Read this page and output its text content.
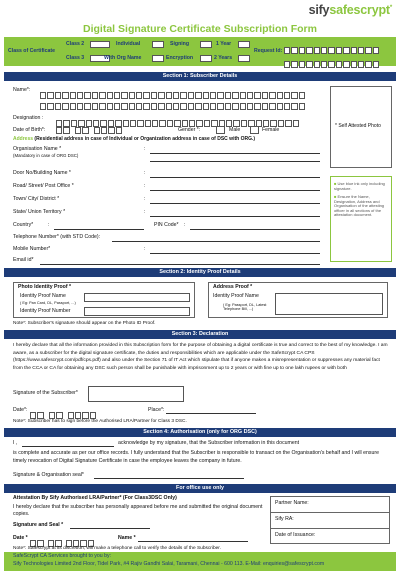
sifysafescrypt*
Digital Signature Certificate Subscription Form
Class of Certificate
Class 2
Class 3
Individual
With Org Name
Signing
Encryption
1 Year
2 Years
Request Id:
Section 1: Subscriber Details
Name*:
Designation :
Date of Birth*:	Gender *:	Male	Female
Address (Residential address in case of Individual or Organization address in case of DSC with ORG.)
Organisation Name *
(Mandatory in case of ORG DSC)
:
Door No/Building Name *	:
Road/ Street/ Post Office *	:
Town/ City/ District *	:
State/ Union Territory *	:
Country*	:	PIN Code* :
Telephone Number* (with STD Code):
Mobile Number*	:
Email id*
* Self Attested Photo
■ Use blue ink only including signature.
■ Ensure the Name, Designation, Address and Organisation of the attesting officer in all sections of the attestation document.
Section 2: Identity Proof Details
Photo Identity Proof *
Identity Proof Name
( Eg: Pan Card, DL, Passport, ...)
Identity Proof Number
Address Proof *
Identity Proof Name
( Eg: Passport, DL, Latest Telephone Bill, ...)
Note*: Subscriber's signature should appear on the Photo ID Proof.
Section 3: Declaration
I hereby declare that all the information provided in this Subscription form for the purpose of obtaining a digital certificate is true and correct to the best of my knowledge. I am aware, as a subscriber for the digital signature certificate, the duties and responsibilities which are applicable under the SafeScrypt CA CPS (https://www.safescrypt.com/pdf/cps.pdf) and also under the Section 71 of IT Act which stipulate that if anyone makes a misrepresentation or suppresses any material fact from the CCA or CA for obtaining any DSC such person shall be punishable with imprisonment up to 2 years or with fine up to one lakh rupees or with both
Signature of the Subscriber*
Date*:	Place*:
Note*: Subscriber has to sign before the Authorised LRA/Partner for Class 3 DSC.
Section 4: Authorisation (only for ORG DSC)
I ,	acknowledge by my signature, that the Subscriber information in this document
is complete and accurate as per our office records. I fully understand that the Subscriber is responsible to transact on the Organisation's behalf and I will ensure timely revocation of Digital Signature Certificate in case the employee leaves the company in future.
Signature & Organisation seal*
For office use only
Attestation By Sify Authorised LRA/Partner* (For Class3DSC Only)
I hereby declare that the subscriber has personally appeared before me and submitted the original document copies.
Signature and Seal *
Date *	Name *
Partner Name:
Sify RA:
Date of Issuance:
Note*: Safescrypt at its discretion, will make a telephone call to verify the details of the Subscriber.
SafeScrypt CA Services brought to you by:
Sify Technologies Limited 2nd Floor, Tidel Park, #4 Rajiv Gandhi Salai, Taramani, Chennai - 600 113. E-Mail: enquiries@safescrypt.com
